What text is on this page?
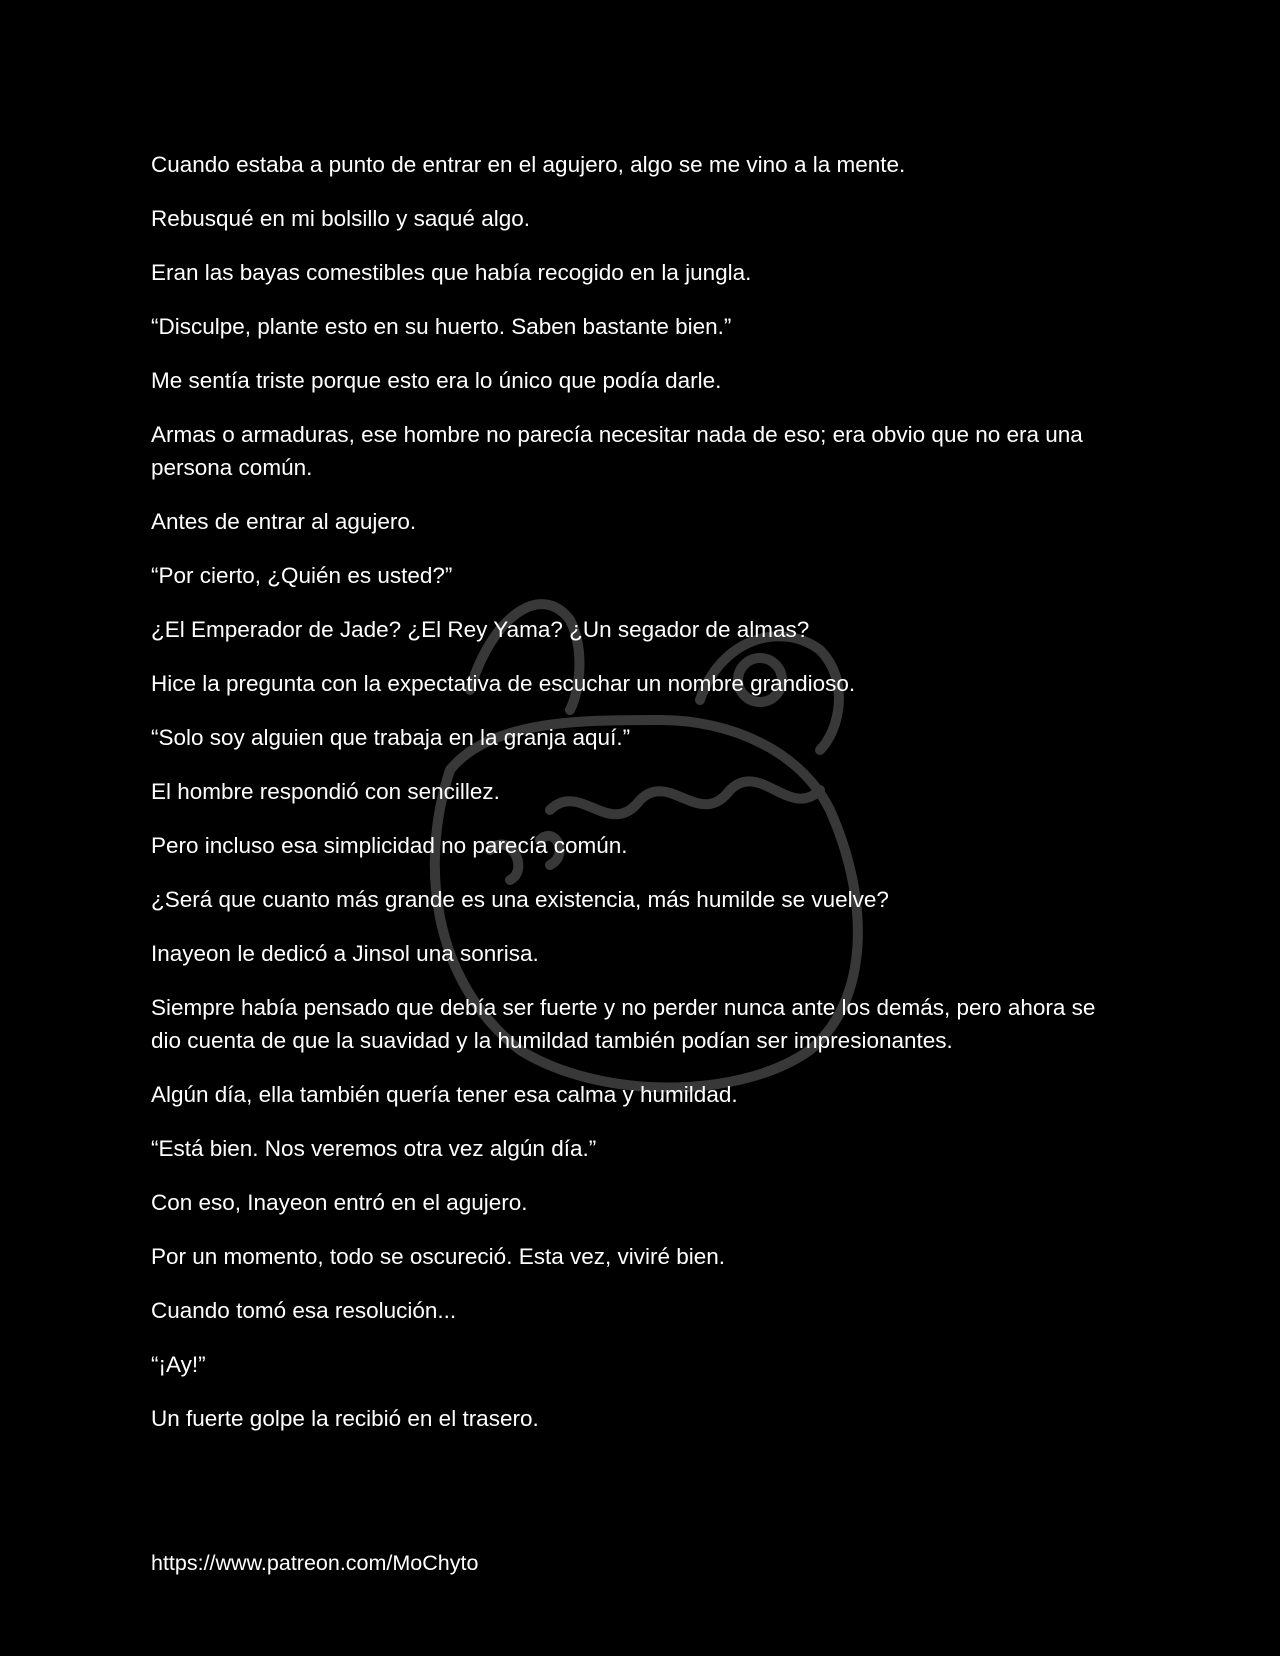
Cuando estaba a punto de entrar en el agujero, algo se me vino a la mente.

Rebusqué en mi bolsillo y saqué algo.

Eran las bayas comestibles que había recogido en la jungla.

“Disculpe, plante esto en su huerto. Saben bastante bien.”

Me sentía triste porque esto era lo único que podía darle.

Armas o armaduras, ese hombre no parecía necesitar nada de eso; era obvio que no era una persona común.

Antes de entrar al agujero.

“Por cierto, ¿Quién es usted?”

¿El Emperador de Jade? ¿El Rey Yama? ¿Un segador de almas?

Hice la pregunta con la expectativa de escuchar un nombre grandioso.

“Solo soy alguien que trabaja en la granja aquí.”

El hombre respondió con sencillez.

Pero incluso esa simplicidad no parecía común.

¿Será que cuanto más grande es una existencia, más humilde se vuelve?

Inayeon le dedicó a Jinsol una sonrisa.

Siempre había pensado que debía ser fuerte y no perder nunca ante los demás, pero ahora se dio cuenta de que la suavidad y la humildad también podían ser impresionantes.

Algún día, ella también quería tener esa calma y humildad.

“Está bien. Nos veremos otra vez algún día.”

Con eso, Inayeon entró en el agujero.

Por un momento, todo se oscureció. Esta vez, viviré bien.

Cuando tomó esa resolución...

“¡Ay!”

Un fuerte golpe la recibió en el trasero.

https://www.patreon.com/MoChyto
